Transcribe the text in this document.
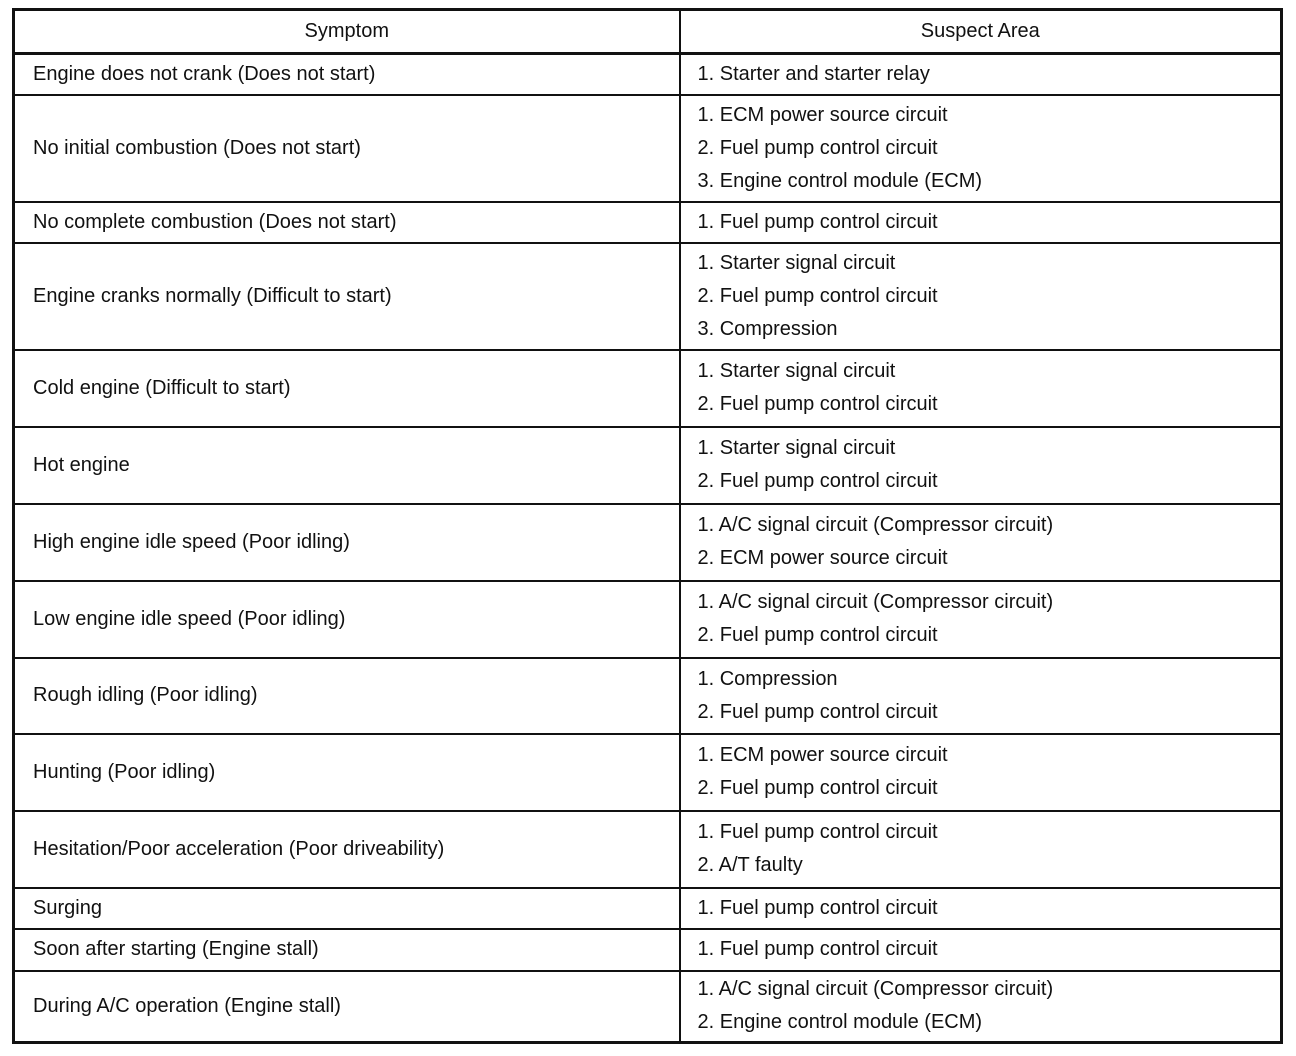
Symptom	Suspect Area
Engine does not crank (Does not start)	1. Starter and starter relay

No initial combustion (Does not start)	1. ECM power source circuit
2. Fuel pump control circuit
3. Engine control module (ECM)

No complete combustion (Does not start)	1. Fuel pump control circuit

Engine cranks normally (Difficult to start)	1. Starter signal circuit
2. Fuel pump control circuit
3. Compression

Cold engine (Difficult to start)	1. Starter signal circuit
2. Fuel pump control circuit

Hot engine	1. Starter signal circuit
2. Fuel pump control circuit

High engine idle speed (Poor idling)	1. A/C signal circuit (Compressor circuit)
2. ECM power source circuit

Low engine idle speed (Poor idling)	1. A/C signal circuit (Compressor circuit)
2. Fuel pump control circuit

Rough idling (Poor idling)	1. Compression
2. Fuel pump control circuit

Hunting (Poor idling)	1. ECM power source circuit
2. Fuel pump control circuit

Hesitation/Poor acceleration (Poor driveability)	1. Fuel pump control circuit
2. A/T faulty

Surging	1. Fuel pump control circuit

Soon after starting (Engine stall)	1. Fuel pump control circuit

During A/C operation (Engine stall)	1. A/C signal circuit (Compressor circuit)
2. Engine control module (ECM)
